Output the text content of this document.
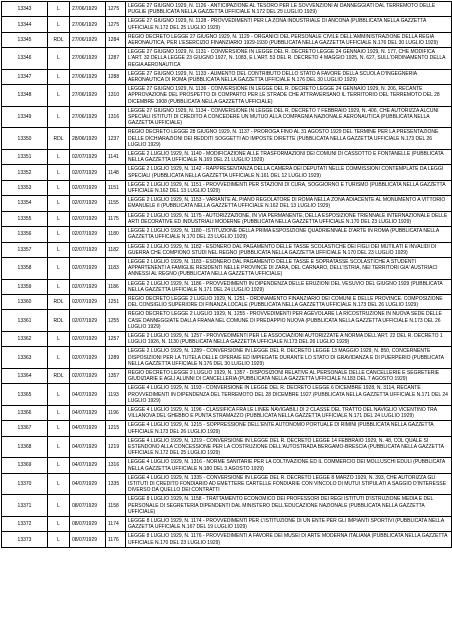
13343	L	27/06/1929	1275	LEGGE 27 GIUGNO 1929, N. 1126 - ANTICIPAZIONE AL TESORO PER LE SOVVENZIONI AI DANNEGGIATI DAL TERREMOTO DELLE PUGLIE (PUBBLICATA NELLA GAZZETTA UFFICIALE N.172 DEL 25 LUGLIO 1929)
13344	L	27/06/1929	1275	LEGGE 27 GIUGNO 1929, N. 1128 - PROVVEDIMENTI PER LA ZONA INDUSTRIALE DI ANCONA (PUBBLICATA NELLA GAZZETTA UFFICIALE N.172 DEL 25 LUGLIO 1929)
13345	RDL	27/06/1929	1284	REGIO DECRETO LEGGE 27 GIUGNO 1929, N. 1129 - ORGANICI DEL PERSONALE CIVILE DELL'AMMINISTRAZIONE DELLA REGIA AERONAUTICA, PER L'ESERCIZIO FINANZIARIO 1929-1930 (PUBBLICATA NELLA GAZZETTA UFFICIALE N.176 DEL 30 LUGLIO 1929)
13346	L	27/06/1929	1287	LEGGE 27 GIUGNO 1929, N. 1131 - CONVERSIONE IN LEGGE DEL R. DECRETO LEGGE 24 GENNAIO 1929, N. 177, CHE MODIFICA L'ART. 32 DELLA LEGGE 23 GIUGNO 1927, N. 1083, E L'ART. 53 DEL R. DECRETO 4 MAGGIO 1925, N. 627, SULL'ORDINAMENTO DELLA REGIA AERONAUTICA
13347	L	27/06/1929	1288	LEGGE 27 GIUGNO 1929, N. 1133 - AUMENTO DEL CONTRIBUTO DELLO STATO A FAVORE DELLA SCUOLA D'INGEGNERIA AERONAUTICA DI ROMA (PUBBLICATA NELLA GAZZETTA UFFICIALE N.176 DEL 30 LUGLIO 1929)
13348	L	27/06/1929	1310	LEGGE 27 GIUGNO 1929, N. 1136 - CONVERSIONE IN LEGGE DEL R. DECRETO LEGGE 24 GENNAIO 1929, N. 206, RECANTE APPROVAZIONE DEL PROSPETTO DI COMPARTO PER LE STRADE CHE ATTRAVERSANO IL TERRITORIO DEL TERREMOTO DEL 28 DICEMBRE 1908 (PUBBLICATA NELLA GAZZETTA UFFICIALE)
13349	L	27/06/1929	1316	LEGGE 27 GIUGNO 1929, N. 1134 - CONVERSIONE IN LEGGE DEL R. DECRETO 7 FEBBRAIO 1929, N. 406, CHE AUTORIZZA ALCUNI SPECIALI ISTITUTI DI CREDITO A CONCEDERE UN MUTUO ALLA COMPAGNIA NAZIONALE AERONAUTICA (PUBBLICATA NELLA GAZZETTA UFFICIALE)
13350	RDL	28/06/1929	1237	REGIO DECRETO LEGGE 28 GIUGNO 1929, N. 1137 - PROROGA FINO AL 31 AGOSTO 1929 DEL TERMINE PER LA PRESENTAZIONE DELLE DICHIARAZIONI DEI REDDITI SOGGETTI AD IMPOSTE DIRETTE (PUBBLICATA NELLA GAZZETTA UFFICIALE N.173 DEL 26 LUGLIO 1929)
13351	L	02/07/1929	1141	LEGGE 2 LUGLIO 1929, N. 1140 - MODIFICAZIONE ALLE TRASFORMAZIONI DEI COMUNI DI CASSOTTO E FONTANELLE (PUBBLICATA NELLA GAZZETTA UFFICIALE N.169 DEL 21 LUGLIO 1929)
13352	L	02/07/1929	1148	LEGGE 2 LUGLIO 1929, N. 1142 - RAPPRESENTANZA DELLA CAMERA DEI DEPUTATI NELLE COMMISSIONI CONTEMPLATE DA LEGGI SPECIALI (PUBBLICATA NELLA GAZZETTA UFFICIALE N.161 DEL 12 LUGLIO 1929)
13353	L	02/07/1929	1151	LEGGE 2 LUGLIO 1929, N. 1151 - PROVVEDIMENTI PER STAZIONI DI CURA, SOGGIORNO E TURISMO (PUBBLICATA NELLA GAZZETTA UFFICIALE N.162 DEL 13 LUGLIO 1929)
13354	L	02/07/1929	1155	LEGGE 2 LUGLIO 1929, N. 1153 - VARIANTE AL PIANO REGOLATORE DI ROMA NELLA ZONA ADIACENTE AL MONUMENTO A VITTORIO EMANUELE II (PUBBLICATA NELLA GAZZETTA UFFICIALE N.162 DEL 13 LUGLIO 1929)
13355	L	02/07/1929	1175	LEGGE 2 LUGLIO 1929, N. 1175 - AUTORIZZAZIONE, IN VIA PERMANENTE, DELLA ESPOSIZIONE TRIENNALE INTERNAZIONALE DELLE ARTI DECORATIVE ED INDUSTRIALI MODERNE (PUBBLICATA NELLA GAZZETTA UFFICIALE N.170 DEL 23 LUGLIO 1929)
13356	L	02/07/1929	1180	LEGGE 2 LUGLIO 1929, N. 1180 - ISTITUZIONE DELLA PRIMA ESPOSIZIONE QUADRIENNALE D'ARTE IN ROMA (PUBBLICATA NELLA GAZZETTA UFFICIALE N.170 DEL 23 LUGLIO 1929)
13357	L	02/07/1929	1182	LEGGE 2 LUGLIO 1929, N. 1182 - ESONERO DAL PAGAMENTO DELLE TASSE SCOLASTICHE DEI FIGLI DEI MUTILATI E INVALIDI DI GUERRA CHE COMPIONO STUDI NEL REGNO (PUBBLICATA NELLA GAZZETTA UFFICIALE N.170 DEL 23 LUGLIO 1929)
13358	L	02/07/1929	1183	LEGGE 2 LUGLIO 1929, N. 1183 - ESONERO DAL PAGAMENTO DELLE TASSE E SOPRATASSE SCOLASTICHE A STUDENTI APPARTENENTI A FAMIGLIE RESIDENTI NELLE PROVINCE DI ZARA, DEL CARNARO, DELL'ISTRIA, NEI TERRITORI GIA' AUSTRIACI ANNESSI AL REGNO (PUBBLICATA NELLA GAZZETTA UFFICIALE)
13359	L	02/07/1929	1186	LEGGE 2 LUGLIO 1929, N. 1186 - PROVVEDIMENTI IN DIPENDENZA DELLE ERUZIONI DEL VESUVIO DEL GIUGNO 1929 (PUBBLICATA NELLA GAZZETTA UFFICIALE N.171 DEL 24 LUGLIO 1929)
13360	RDL	02/07/1929	1251	REGIO DECRETO LEGGE 2 LUGLIO 1929, N. 1251 - ORDINAMENTO FINANZIARIO DEI COMUNI E DELLE PROVINCE. COMPOSIZIONE DEL CONSIGLIO SUPERIORE DI FINANZA LOCALE (PUBBLICATA NELLA GAZZETTA UFFICIALE N.173 DEL 26 LUGLIO 1929)
13361	RDL	02/07/1929	1255	REGIO DECRETO LEGGE 2 LUGLIO 1929, N. 1255 - PROVVEDIMENTI PER AGEVOLARE LA RICOSTRUZIONE IN NUOVA SEDE DELLE CASE DANNEGGIATE DALLA FRANA NEL COMUNE DI PREDAPPIO NUOVA (PUBBLICATA NELLA GAZZETTA UFFICIALE N.173 DEL 26 LUGLIO 1929)
13362	L	02/07/1929	1257	LEGGE 2 LUGLIO 1929, N. 1257 - PROVVEDIMENTI PER LE ASSOCIAZIONI AUTORIZZATE A NORMA DELL'ART. 22 DEL R. DECRETO 1 LUGLIO 1926, N. 1130 (PUBBLICATA NELLA GAZZETTA UFFICIALE N.173 DEL 26 LUGLIO 1929)
13363	L	02/07/1929	1289	LEGGE 2 LUGLIO 1929, N. 1289 - CONVERSIONE IN LEGGE DEL R. DECRETO LEGGE 13 MAGGIO 1929, N. 850, CONCERNENTE DISPOSIZIONI PER LA TUTELA DELLE OPERAIE ED IMPIEGATE DURANTE LO STATO DI GRAVIDANZA E DI PUERPERIO (PUBBLICATA NELLA GAZZETTA UFFICIALE N.176 DEL 30 LUGLIO 1929)
13364	RDL	02/07/1929	1357	REGIO DECRETO LEGGE 2 LUGLIO 1929, N. 1357 - DISPOSIZIONI RELATIVE AL PERSONALE DELLE CANCELLERIE E SEGRETERIE GIUDIZIARIE E AGLI ALUNNI DI CANCELLERIA (PUBBLICATA NELLA GAZZETTA UFFICIALE N.183 DEL 7 AGOSTO 1929)
13365	L	04/07/1929	1193	LEGGE 4 LUGLIO 1929, N. 1193 - CONVERSIONE IN LEGGE DEL R. DECRETO LEGGE 6 DICEMBRE 1928, N. 3114, RECANTE PROVVEDIMENTI IN DIPENDENZA DEL TERREMOTO DEL 28 DICEMBRE 1927 (PUBBLICATA NELLA GAZZETTA UFFICIALE N.171 DEL 24 LUGLIO 1929)
13366	L	04/07/1929	1196	LEGGE 4 LUGLIO 1929, N. 1196 - CLASSIFICA FRA LE LINEE NAVIGABILI DI 2 CLASSE DEL TRATTO DEL NAVIGLIO VICENTINO TRA VILLANOVA DEL GHEBBO E PUNTA STRAMAZZO (PUBBLICATA NELLA GAZZETTA UFFICIALE N.171 DEL 24 LUGLIO 1929)
13367	L	04/07/1929	1215	LEGGE 4 LUGLIO 1929, N. 1215 - SOPPRESSIONE DELL'ENTE AUTONOMO PORTUALE DI RIMINI (PUBBLICATA NELLA GAZZETTA UFFICIALE N.173 DEL 26 LUGLIO 1929)
13368	L	04/07/1929	1219	LEGGE 4 LUGLIO 1929, N. 1219 - CONVERSIONE IN LEGGE DEL R. DECRETO LEGGE 14 FEBBRAIO 1929, N. 48, COL QUALE SI ESTENDONO ALLA CONCESSIONE PER LA COSTRUZIONE DELL'AUTOSTRADA BERGAMO-BRESCIA (PUBBLICATA NELLA GAZZETTA UFFICIALE N.172 DEL 25 LUGLIO 1929)
13369	L	04/07/1929	1316	LEGGE 4 LUGLIO 1929, N. 1316 - NORME SANITARIE PER LA COLTIVAZIONE ED IL COMMERCIO DEI MOLLUSCHI EDULI (PUBBLICATA NELLA GAZZETTA UFFICIALE N.180 DEL 3 AGOSTO 1929)
13370	L	04/07/1929	1335	LEGGE 4 LUGLIO 1929, N. 1335 - CONVERSIONE IN LEGGE DEL R. DECRETO LEGGE 8 MARZO 1929, N. 393, CHE AUTORIZZA GLI ISTITUTI DI CREDITO FONDIARIO AD EMETTERE CARTELLE FONDIARIE CON VINCOLO DI MUTUI STIPULATI A SAGGIO D'INTERESSE DIVERSO DA QUELLO DEI CONTRATTI
13371	L	08/07/1929	1158	LEGGE 8 LUGLIO 1929, N. 1158 - TRATTAMENTO ECONOMICO DEI PROFESSORI DEI REGI ISTITUTI D'ISTRUZIONE MEDIA E DEL PERSONALE DI SEGRETERIA DIPENDENTI DAL MINISTERO DELL'EDUCAZIONE NAZIONALE (PUBBLICATA NELLA GAZZETTA UFFICIALE)
13372	L	08/07/1929	1174	LEGGE 8 LUGLIO 1929, N. 1174 - PROVVEDIMENTI PER L'ISTITUZIONE DI UN ENTE PER GLI IMPIANTI SPORTIVI (PUBBLICATA NELLA GAZZETTA UFFICIALE N.167 DEL 19 LUGLIO 1929)
13373	L	08/07/1929	1176	LEGGE 8 LUGLIO 1929, N. 1176 - PROVVEDIMENTI A FAVORE DEI MUSEI DI ARTE MODERNA ITALIANA (PUBBLICATA NELLA GAZZETTA UFFICIALE N.170 DEL 23 LUGLIO 1929)
